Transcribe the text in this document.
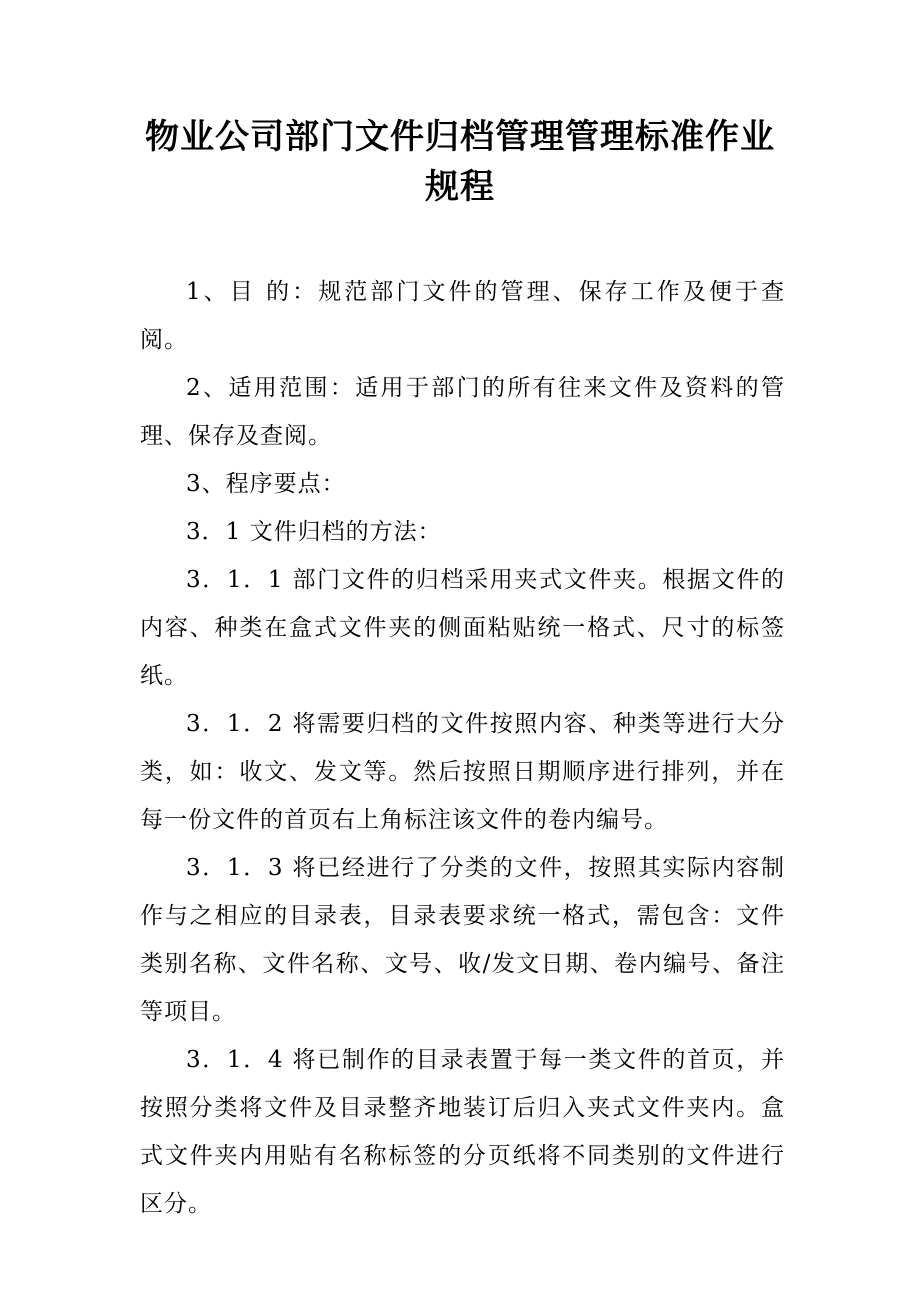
物业公司部门文件归档管理管理标准作业规程

1、目 的：规范部门文件的管理、保存工作及便于查阅。

2、适用范围：适用于部门的所有往来文件及资料的管理、保存及查阅。

3、程序要点：

3．1 文件归档的方法：

3．1．1 部门文件的归档采用夹式文件夹。根据文件的内容、种类在盒式文件夹的侧面粘贴统一格式、尺寸的标签纸。

3．1．2 将需要归档的文件按照内容、种类等进行大分类，如：收文、发文等。然后按照日期顺序进行排列，并在每一份文件的首页右上角标注该文件的卷内编号。

3．1．3 将已经进行了分类的文件，按照其实际内容制作与之相应的目录表，目录表要求统一格式，需包含：文件类别名称、文件名称、文号、收/发文日期、卷内编号、备注等项目。

3．1．4 将已制作的目录表置于每一类文件的首页，并按照分类将文件及目录整齐地装订后归入夹式文件夹内。盒式文件夹内用贴有名称标签的分页纸将不同类别的文件进行区分。
